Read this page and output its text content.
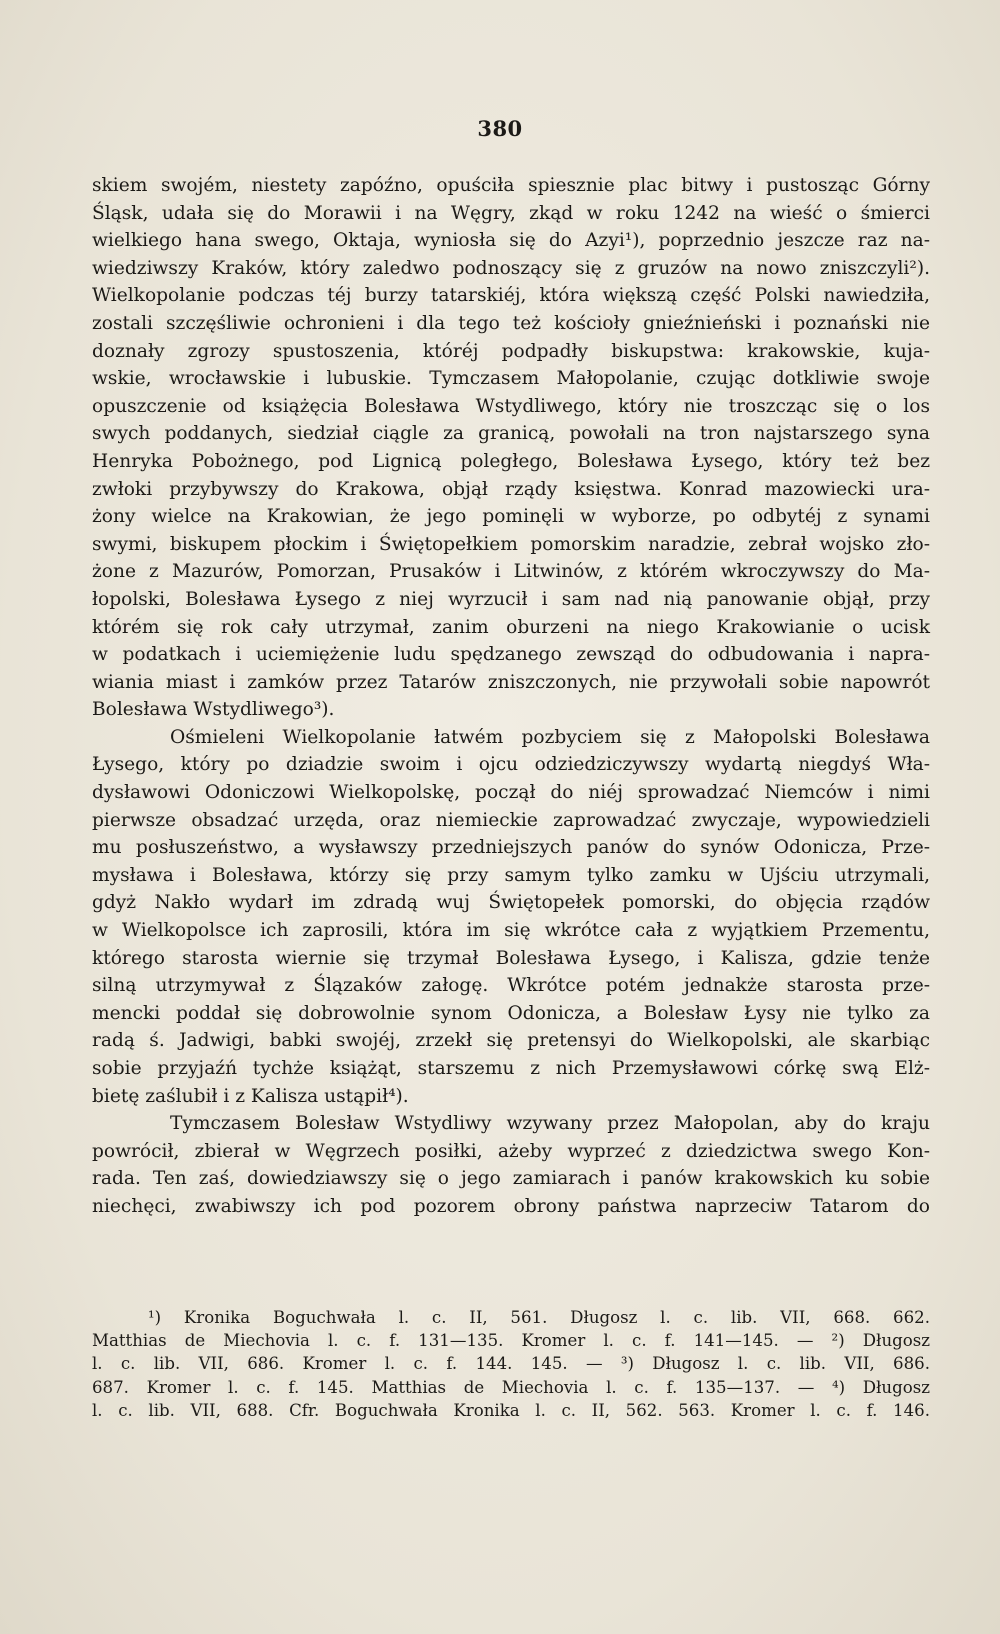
380
skiem swojém, niestety zapóźno, opuściła spiesznie plac bitwy i pustosząc Górny
Śląsk, udała się do Morawii i na Węgry, zkąd w roku 1242 na wieść o śmierci
wielkiego hana swego, Oktaja, wyniosła się do Azyi¹), poprzednio jeszcze raz na-
wiedziwszy Kraków, który zaledwo podnoszący się z gruzów na nowo zniszczyli²).
Wielkopolanie podczas téj burzy tatarskiéj, która większą część Polski nawiedziła,
zostali szczęśliwie ochronieni i dla tego też kościoły gnieźnieński i poznański nie
doznały zgrozy spustoszenia, któréj podpadły biskupstwa: krakowskie, kuja-
wskie, wrocławskie i lubuskie. Tymczasem Małopolanie, czując dotkliwie swoje
opuszczenie od książęcia Bolesława Wstydliwego, który nie troszcząc się o los
swych poddanych, siedział ciągle za granicą, powołali na tron najstarszego syna
Henryka Pobożnego, pod Lignicą poległego, Bolesława Łysego, który też bez
zwłoki przybywszy do Krakowa, objął rządy księstwa. Konrad mazowiecki ura-
żony wielce na Krakowian, że jego pominęli w wyborze, po odbytéj z synami
swymi, biskupem płockim i Świętopełkiem pomorskim naradzie, zebrał wojsko zło-
żone z Mazurów, Pomorzan, Prusaków i Litwinów, z którém wkroczywszy do Ma-
łopolski, Bolesława Łysego z niej wyrzucił i sam nad nią panowanie objął, przy
którém się rok cały utrzymał, zanim oburzeni na niego Krakowianie o ucisk
w podatkach i uciemiężenie ludu spędzanego zewsząd do odbudowania i napra-
wiania miast i zamków przez Tatarów zniszczonych, nie przywołali sobie napowrót
Bolesława Wstydliwego³).
Ośmieleni Wielkopolanie łatwém pozbyciem się z Małopolski Bolesława
Łysego, który po dziadzie swoim i ojcu odziedziczywszy wydartą niegdyś Wła-
dysławowi Odoniczowi Wielkopolskę, począł do niéj sprowadzać Niemców i nimi
pierwsze obsadzać urzęda, oraz niemieckie zaprowadzać zwyczaje, wypowiedzieli
mu posłuszeństwo, a wysławszy przedniejszych panów do synów Odonicza, Prze-
mysława i Bolesława, którzy się przy samym tylko zamku w Ujściu utrzymali,
gdyż Nakło wydarł im zdradą wuj Świętopełek pomorski, do objęcia rządów
w Wielkopolsce ich zaprosili, która im się wkrótce cała z wyjątkiem Przementu,
którego starosta wiernie się trzymał Bolesława Łysego, i Kalisza, gdzie tenże
silną utrzymywał z Ślązaków załogę. Wkrótce potém jednakże starosta prze-
mencki poddał się dobrowolnie synom Odonicza, a Bolesław Łysy nie tylko za
radą ś. Jadwigi, babki swojéj, zrzekł się pretensyi do Wielkopolski, ale skarbiąc
sobie przyjaźń tychże książąt, starszemu z nich Przemysławowi córkę swą Elż-
bietę zaślubił i z Kalisza ustąpił⁴).
Tymczasem Bolesław Wstydliwy wzywany przez Małopolan, aby do kraju
powrócił, zbierał w Węgrzech posiłki, ażeby wyprzeć z dziedzictwa swego Kon-
rada. Ten zaś, dowiedziawszy się o jego zamiarach i panów krakowskich ku sobie
niechęci, zwabiwszy ich pod pozorem obrony państwa naprzeciw Tatarom do
¹) Kronika Boguchwała l. c. II, 561. Długosz l. c. lib. VII, 668. 662.
Matthias de Miechovia l. c. f. 131—135. Kromer l. c. f. 141—145. — ²) Długosz
l. c. lib. VII, 686. Kromer l. c. f. 144. 145. — ³) Długosz l. c. lib. VII, 686.
687. Kromer l. c. f. 145. Matthias de Miechovia l. c. f. 135—137. — ⁴) Długosz
l. c. lib. VII, 688. Cfr. Boguchwała Kronika l. c. II, 562. 563. Kromer l. c. f. 146.
